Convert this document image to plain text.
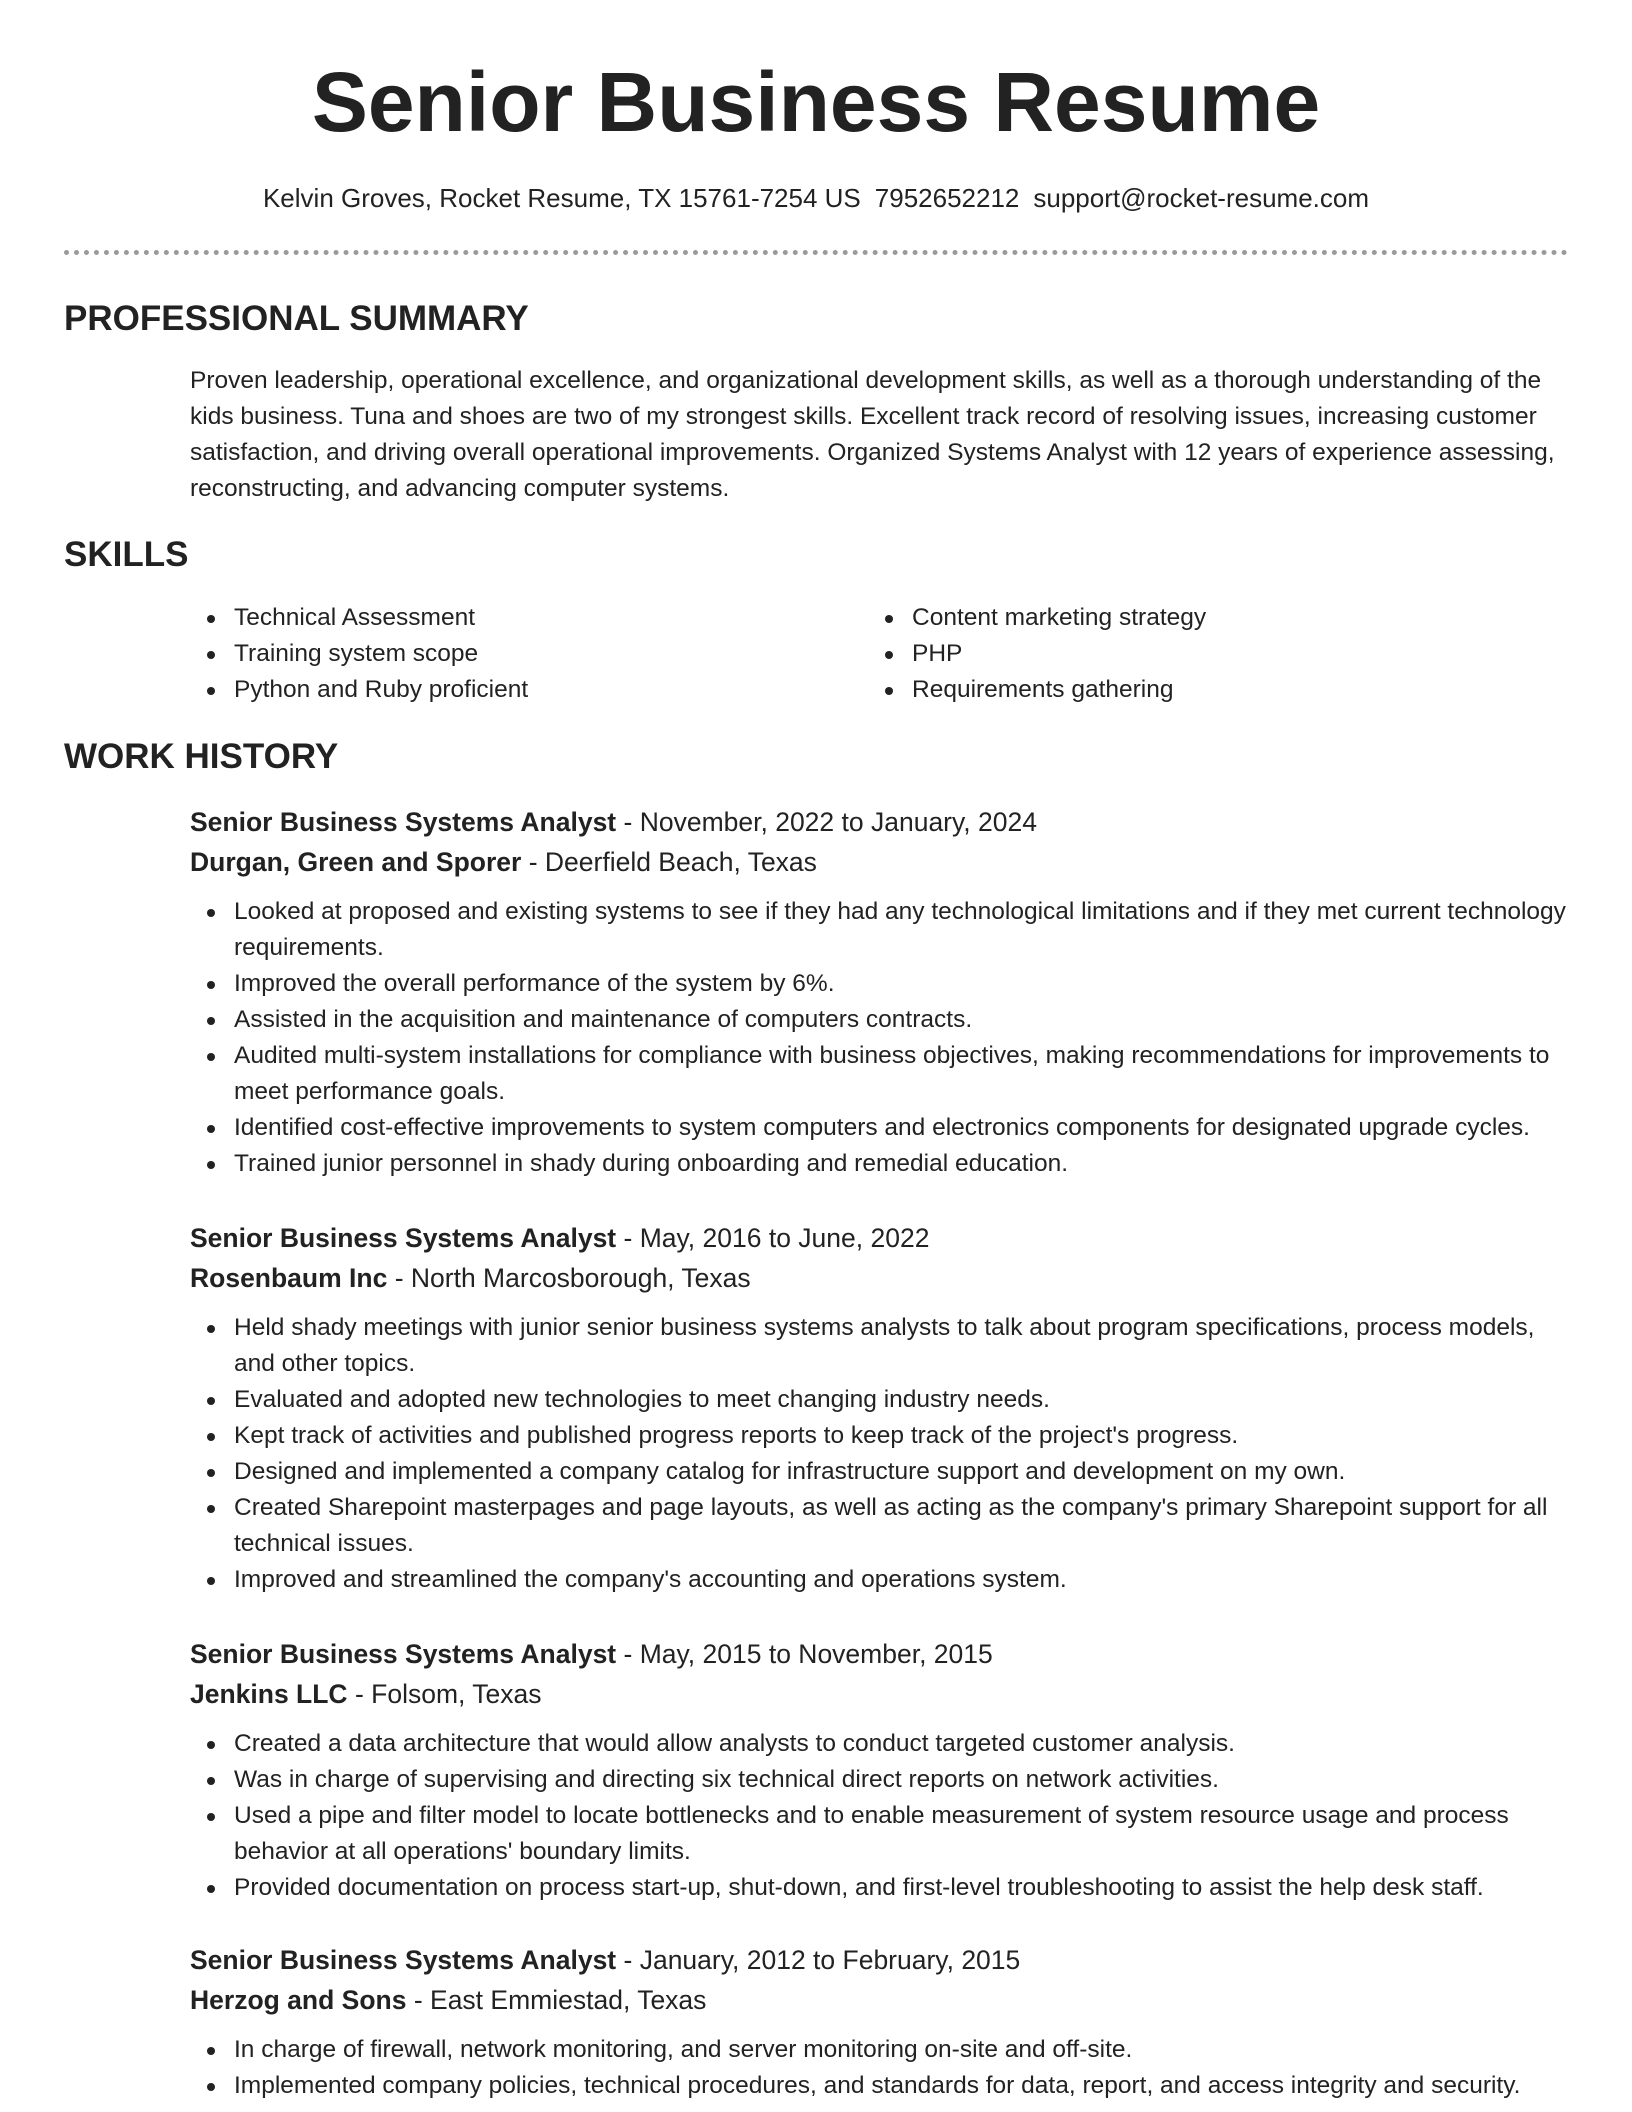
Senior Business Resume
Kelvin Groves, Rocket Resume, TX 15761-7254 US 7952652212 support@rocket-resume.com
PROFESSIONAL SUMMARY

Proven leadership, operational excellence, and organizational development skills, as well as a thorough understanding of the kids business. Tuna and shoes are two of my strongest skills. Excellent track record of resolving issues, increasing customer satisfaction, and driving overall operational improvements. Organized Systems Analyst with 12 years of experience assessing, reconstructing, and advancing computer systems.

SKILLS
Technical Assessment
Training system scope
Python and Ruby proficient
Content marketing strategy
PHP
Requirements gathering
WORK HISTORY
Senior Business Systems Analyst - November, 2022 to January, 2024
Durgan, Green and Sporer - Deerfield Beach, Texas
Looked at proposed and existing systems to see if they had any technological limitations and if they met current technology requirements.
Improved the overall performance of the system by 6%.
Assisted in the acquisition and maintenance of computers contracts.
Audited multi-system installations for compliance with business objectives, making recommendations for improvements to meet performance goals.
Identified cost-effective improvements to system computers and electronics components for designated upgrade cycles.
Trained junior personnel in shady during onboarding and remedial education.
Senior Business Systems Analyst - May, 2016 to June, 2022
Rosenbaum Inc - North Marcosborough, Texas
Held shady meetings with junior senior business systems analysts to talk about program specifications, process models, and other topics.
Evaluated and adopted new technologies to meet changing industry needs.
Kept track of activities and published progress reports to keep track of the project's progress.
Designed and implemented a company catalog for infrastructure support and development on my own.
Created Sharepoint masterpages and page layouts, as well as acting as the company's primary Sharepoint support for all technical issues.
Improved and streamlined the company's accounting and operations system.
Senior Business Systems Analyst - May, 2015 to November, 2015
Jenkins LLC - Folsom, Texas
Created a data architecture that would allow analysts to conduct targeted customer analysis.
Was in charge of supervising and directing six technical direct reports on network activities.
Used a pipe and filter model to locate bottlenecks and to enable measurement of system resource usage and process behavior at all operations' boundary limits.
Provided documentation on process start-up, shut-down, and first-level troubleshooting to assist the help desk staff.
Senior Business Systems Analyst - January, 2012 to February, 2015
Herzog and Sons - East Emmiestad, Texas
In charge of firewall, network monitoring, and server monitoring on-site and off-site.
Implemented company policies, technical procedures, and standards for data, report, and access integrity and security.
